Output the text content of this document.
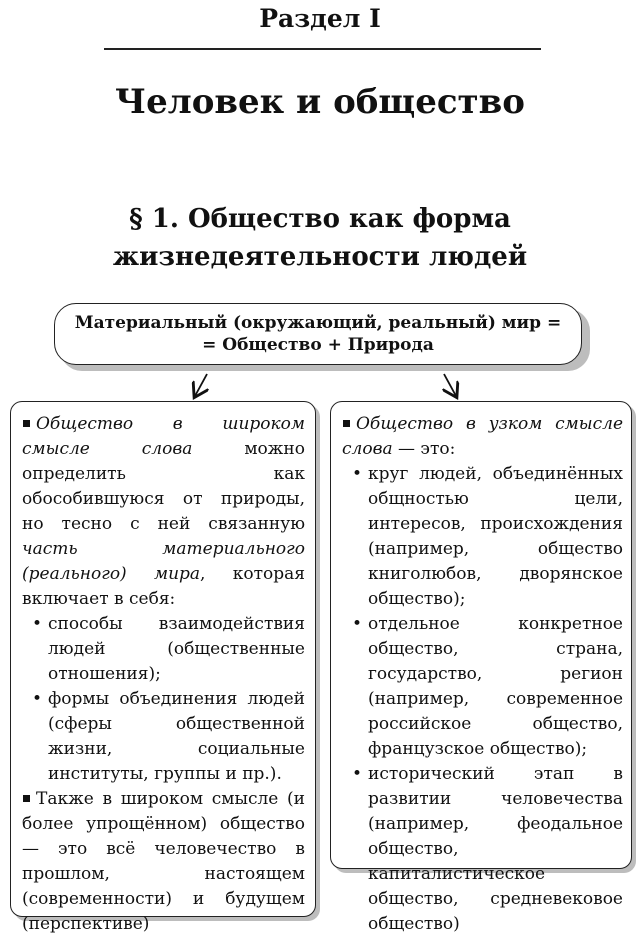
Раздел I
Человек и общество
§ 1. Общество как форма
жизнедеятельности людей
Материальный (окружающий, реальный) мир =
= Общество + Природа

Общество в широком смысле слова можно определить как обособившуюся от природы, но тесно с ней связанную часть материального (реального) мира, которая включает в себя:

• способы взаимодействия людей (общественные отношения);
• формы объединения людей (сферы общественной жизни, социальные институты, группы и пр.).

Также в широком смысле (и более упрощённом) общество — это всё человечество в прошлом, настоящем (современности) и будущем (перспективе)

Общество в узком смысле слова — это:

• круг людей, объединённых общностью цели, интересов, происхождения (например, общество книголюбов, дворянское общество);
• отдельное конкретное общество, страна, государство, регион (например, современное российское общество, французское общество);
• исторический этап в развитии человечества (например, феодальное общество, капиталистическое общество, средневековое общество)
